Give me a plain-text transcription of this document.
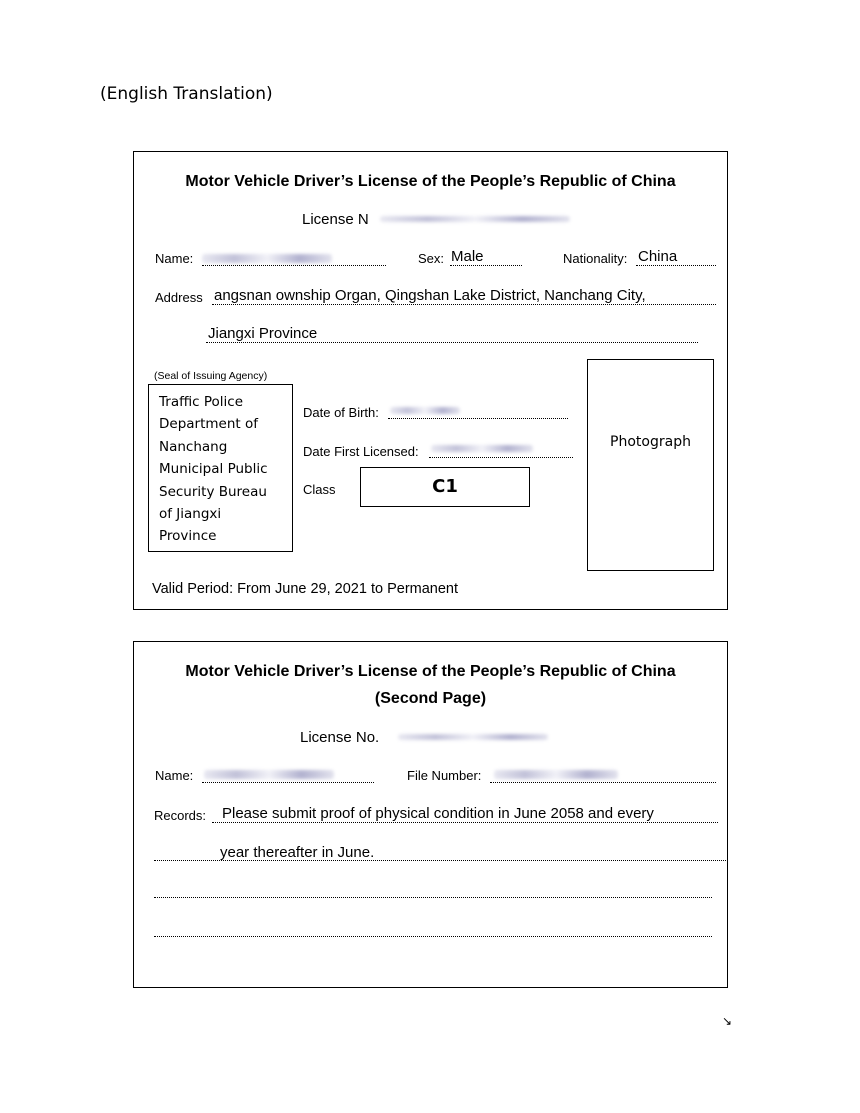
(English Translation)
Motor Vehicle Driver’s License of the People’s Republic of China
License N
Name:	Sex: Male	Nationality: China
Address angsnan ownship Organ, Qingshan Lake District, Nanchang City,
Jiangxi Province
(Seal of Issuing Agency)
Traffic Police
Department of
Nanchang
Municipal Public
Security Bureau
of Jiangxi
Province
Date of Birth:
Date First Licensed:
Class	C1
Photograph
Valid Period: From June 29, 2021 to Permanent
Motor Vehicle Driver’s License of the People’s Republic of China
(Second Page)
License No.
Name:	File Number:
Records: Please submit proof of physical condition in June 2058 and every
year thereafter in June.
↘
